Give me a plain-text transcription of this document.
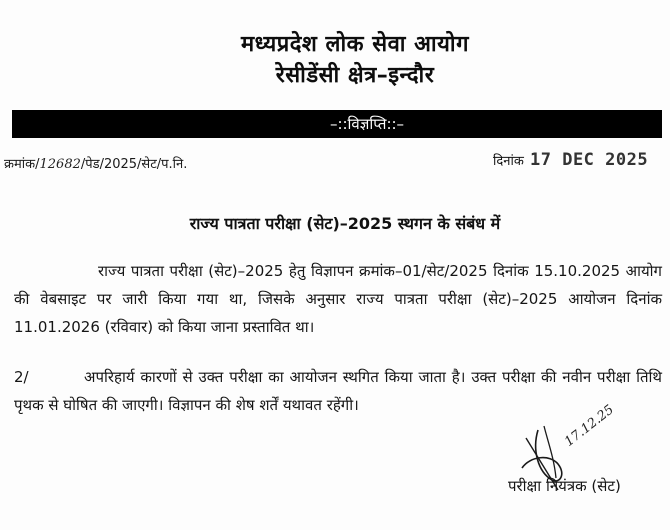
मध्यप्रदेश लोक सेवा आयोग
रेसीडेंसी क्षेत्र–इन्दौर
–::विज्ञप्ति::–
क्रमांक/12682/पेड/2025/सेट/प.नि.	दिनांक 17 DEC 2025
राज्य पात्रता परीक्षा (सेट)–2025 स्थगन के संबंध में
राज्य पात्रता परीक्षा (सेट)–2025 हेतु विज्ञापन क्रमांक–01/सेट/2025 दिनांक 15.10.2025 आयोग की वेबसाइट पर जारी किया गया था, जिसके अनुसार राज्य पात्रता परीक्षा (सेट)–2025 आयोजन दिनांक 11.01.2026 (रविवार) को किया जाना प्रस्तावित था।
2/	अपरिहार्य कारणों से उक्त परीक्षा का आयोजन स्थगित किया जाता है। उक्त परीक्षा की नवीन परीक्षा तिथि पृथक से घोषित की जाएगी। विज्ञापन की शेष शर्तें यथावत रहेंगी।	17.12.25
परीक्षा नियंत्रक (सेट)
